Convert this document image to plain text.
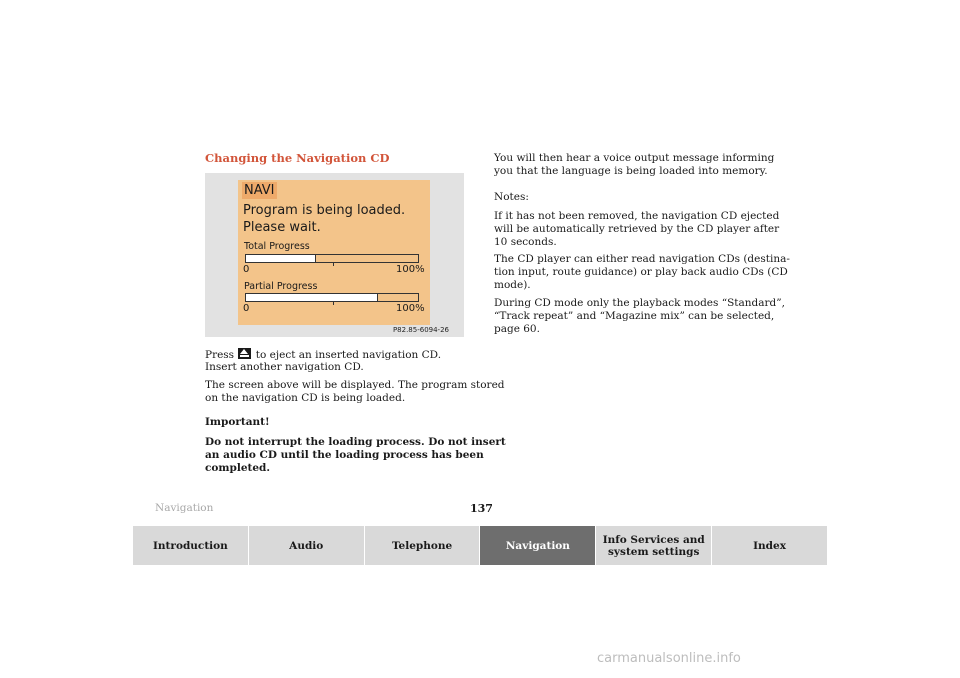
Changing the Navigation CD
NAVI
Program is being loaded.
Please wait.
Total Progress
0	100%
Partial Progress
0	100%
P82.85-6094-26

Press to eject an inserted navigation CD.

Insert another navigation CD.

The screen above will be displayed. The program stored

on the navigation CD is being loaded.

Important!

Do not interrupt the loading process. Do not insert

an audio CD until the loading process has been

completed.

You will then hear a voice output message informing

you that the language is being loaded into memory.

Notes:

If it has not been removed, the navigation CD ejected

will be automatically retrieved by the CD player after

10 seconds.

The CD player can either read navigation CDs (destina-

tion input, route guidance) or play back audio CDs (CD

mode).

During CD mode only the playback modes “Standard”,

“Track repeat” and “Magazine mix” can be selected,

page 60.

Navigation	137
Introduction	Audio	Telephone	Navigation	Info Services and
system settings	Index
carmanualsonline.info
